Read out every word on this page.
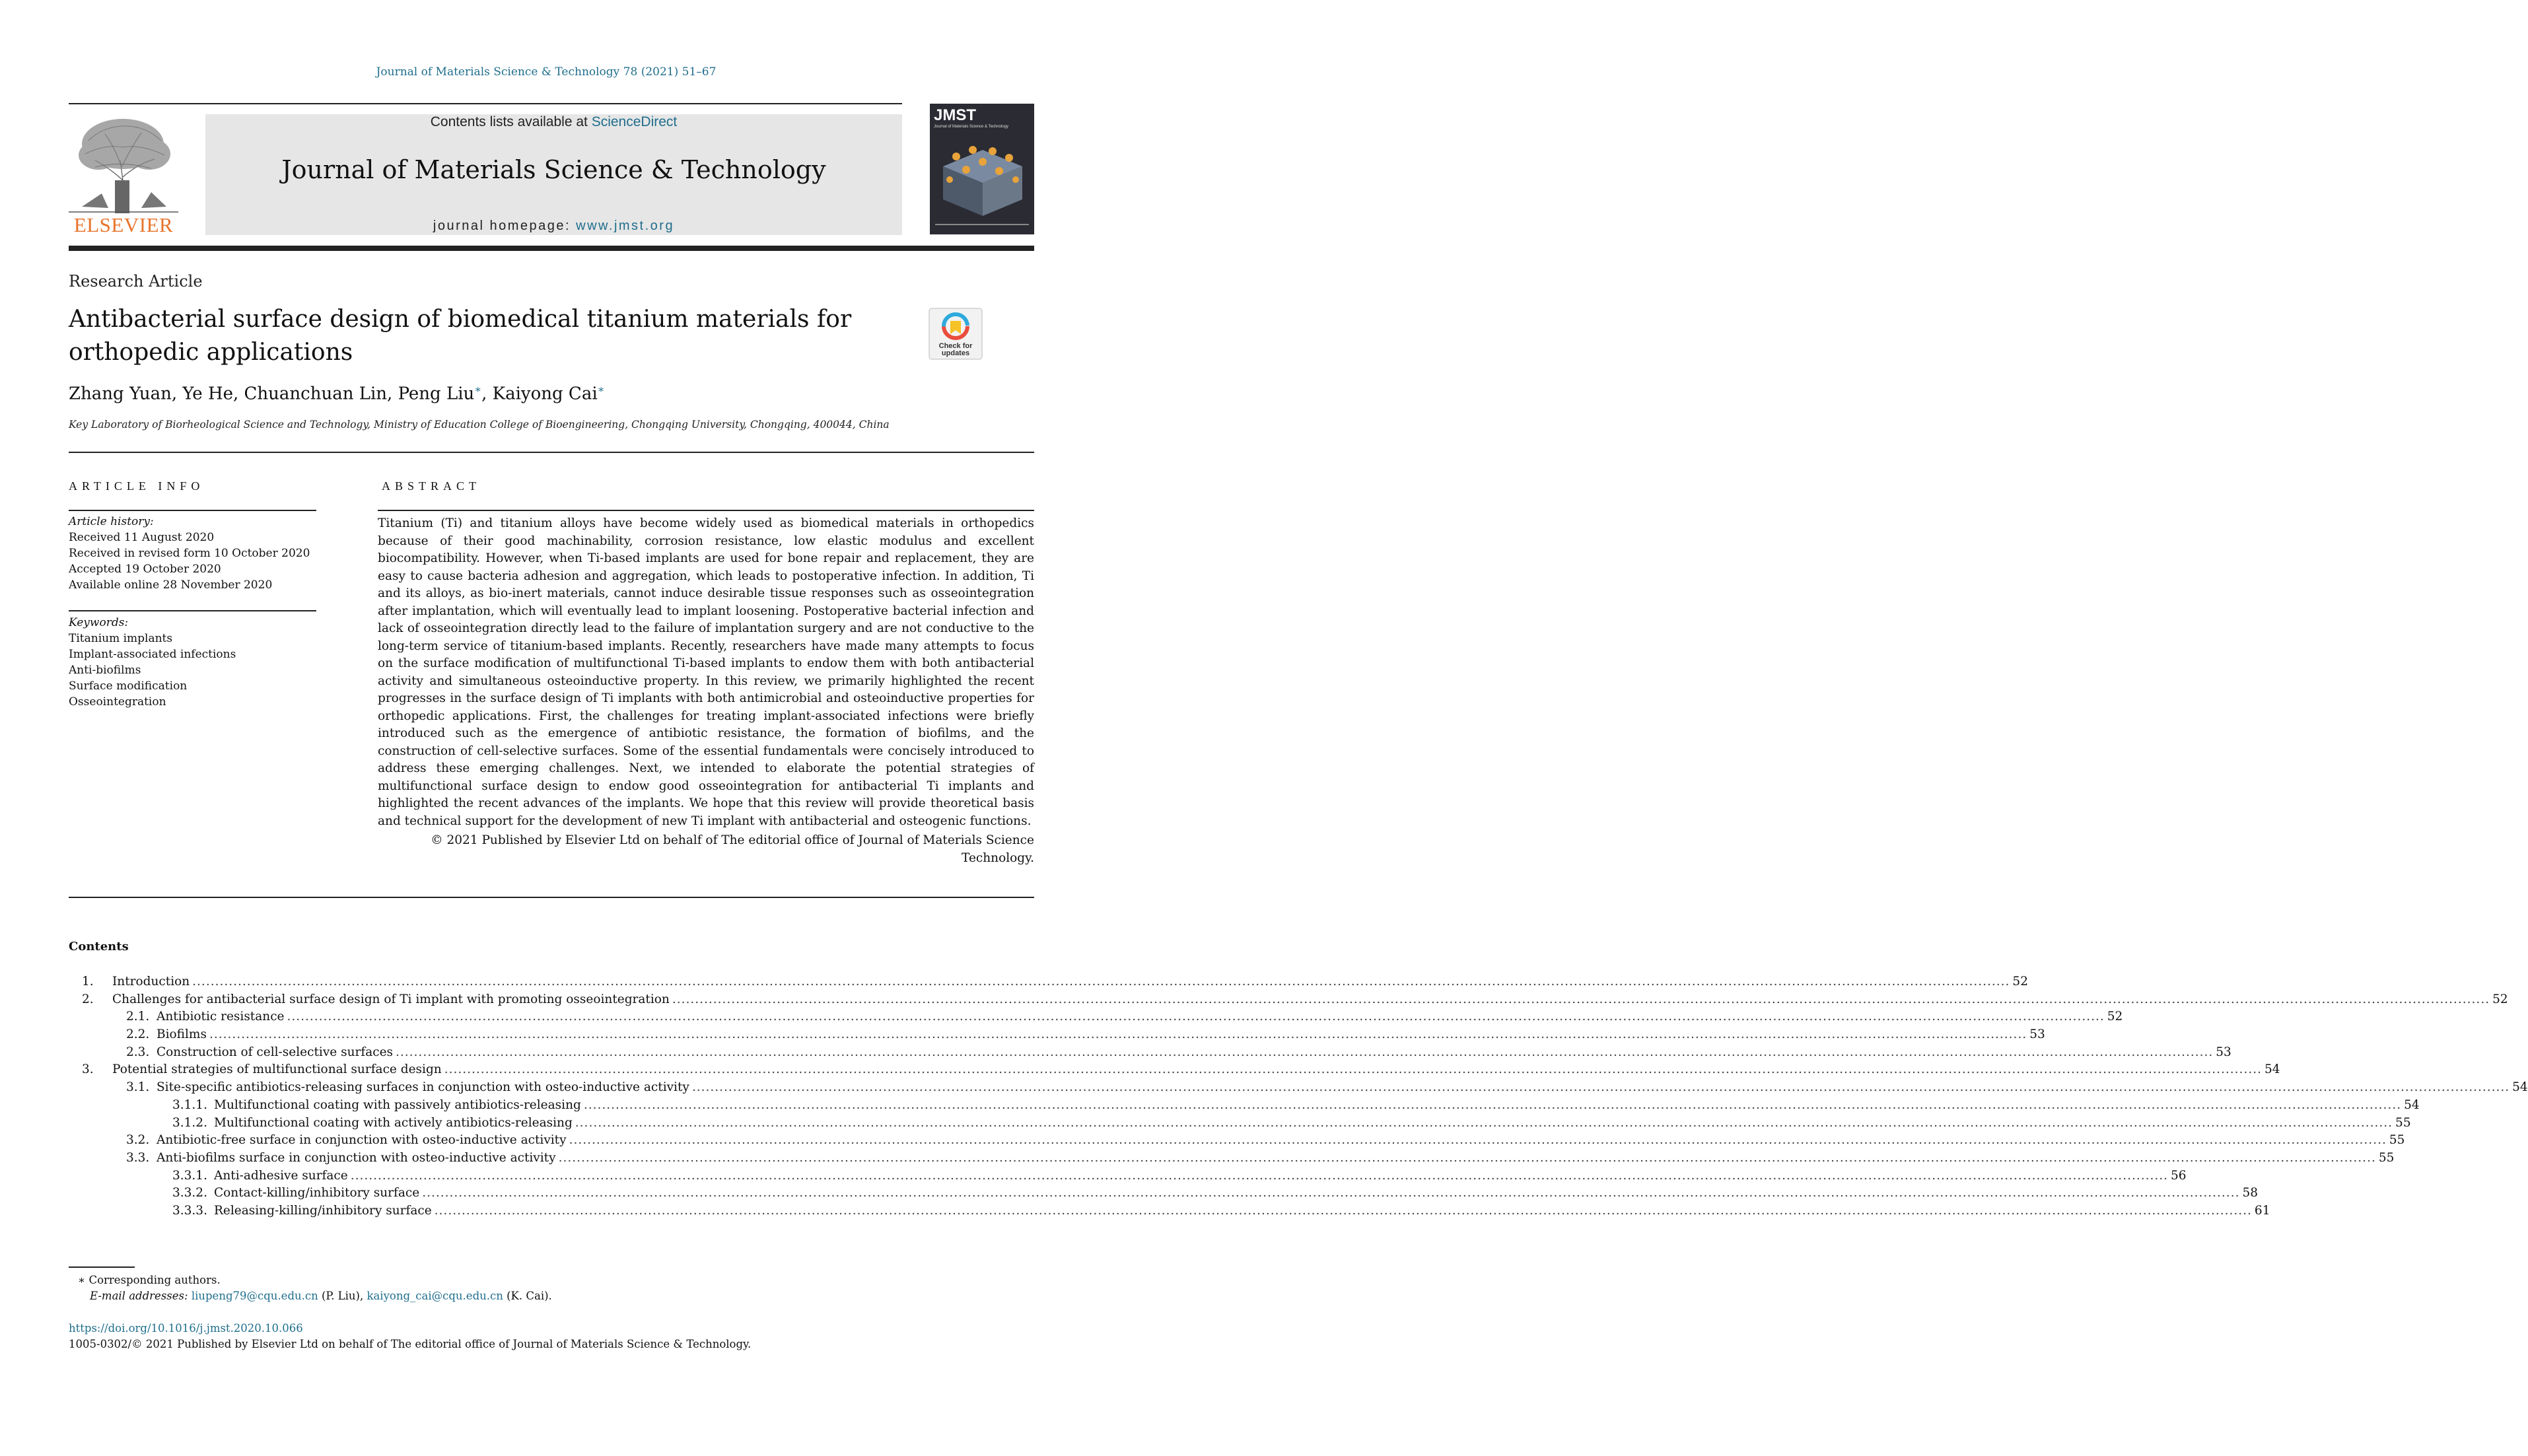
Journal of Materials Science & Technology 78 (2021) 51–67
ELSEVIER
Contents lists available at ScienceDirect
Journal of Materials Science & Technology
journal homepage: www.jmst.org
JMST
Journal of Materials Science & Technology
Research Article
Antibacterial surface design of biomedical titanium materials for
orthopedic applications	Check for
updates
Zhang Yuan, Ye He, Chuanchuan Lin, Peng Liu∗, Kaiyong Cai∗
Key Laboratory of Biorheological Science and Technology, Ministry of Education College of Bioengineering, Chongqing University, Chongqing, 400044, China
ARTICLE INFO
Article history:
Received 11 August 2020
Received in revised form 10 October 2020
Accepted 19 October 2020
Available online 28 November 2020
Keywords:
Titanium implants
Implant-associated infections
Anti-biofilms
Surface modification
Osseointegration
ABSTRACT
Titanium (Ti) and titanium alloys have become widely used as biomedical materials in orthopedics because of their good machinability, corrosion resistance, low elastic modulus and excellent biocompatibility. However, when Ti-based implants are used for bone repair and replacement, they are easy to cause bacteria adhesion and aggregation, which leads to postoperative infection. In addition, Ti and its alloys, as bio-inert materials, cannot induce desirable tissue responses such as osseointegration after implantation, which will eventually lead to implant loosening. Postoperative bacterial infection and lack of osseointegration directly lead to the failure of implantation surgery and are not conductive to the long-term service of titanium-based implants. Recently, researchers have made many attempts to focus on the surface modification of multifunctional Ti-based implants to endow them with both antibacterial activity and simultaneous osteoinductive property. In this review, we primarily highlighted the recent progresses in the surface design of Ti implants with both antimicrobial and osteoinductive properties for orthopedic applications. First, the challenges for treating implant-associated infections were briefly introduced such as the emergence of antibiotic resistance, the formation of biofilms, and the construction of cell-selective surfaces. Some of the essential fundamentals were concisely introduced to address these emerging challenges. Next, we intended to elaborate the potential strategies of multifunctional surface design to endow good osseointegration for antibacterial Ti implants and highlighted the recent advances of the implants. We hope that this review will provide theoretical basis and technical support for the development of new Ti implant with antibacterial and osteogenic functions.
© 2021 Published by Elsevier Ltd on behalf of The editorial office of Journal of Materials Science
Technology.
Contents
1.	Introduction ................................................................................................................................................................................................................................................................................................................................................................................................................ 52
2.	Challenges for antibacterial surface design of Ti implant with promoting osseointegration ................................................................................................................................................................................................................................................................................................................................................................................................................ 52
2.1. Antibiotic resistance ................................................................................................................................................................................................................................................................................................................................................................................................................ 52
2.2. Biofilms ................................................................................................................................................................................................................................................................................................................................................................................................................ 53
2.3. Construction of cell-selective surfaces ................................................................................................................................................................................................................................................................................................................................................................................................................ 53
3.	Potential strategies of multifunctional surface design ................................................................................................................................................................................................................................................................................................................................................................................................................ 54
3.1. Site-specific antibiotics-releasing surfaces in conjunction with osteo-inductive activity ................................................................................................................................................................................................................................................................................................................................................................................................................ 54
3.1.1. Multifunctional coating with passively antibiotics-releasing ................................................................................................................................................................................................................................................................................................................................................................................................................ 54
3.1.2. Multifunctional coating with actively antibiotics-releasing ................................................................................................................................................................................................................................................................................................................................................................................................................ 55
3.2. Antibiotic-free surface in conjunction with osteo-inductive activity ................................................................................................................................................................................................................................................................................................................................................................................................................ 55
3.3. Anti-biofilms surface in conjunction with osteo-inductive activity ................................................................................................................................................................................................................................................................................................................................................................................................................ 55
3.3.1. Anti-adhesive surface ................................................................................................................................................................................................................................................................................................................................................................................................................ 56
3.3.2. Contact-killing/inhibitory surface ................................................................................................................................................................................................................................................................................................................................................................................................................ 58
3.3.3. Releasing-killing/inhibitory surface ................................................................................................................................................................................................................................................................................................................................................................................................................ 61
∗ Corresponding authors.
E-mail addresses: liupeng79@cqu.edu.cn (P. Liu), kaiyong_cai@cqu.edu.cn (K. Cai).
https://doi.org/10.1016/j.jmst.2020.10.066
1005-0302/© 2021 Published by Elsevier Ltd on behalf of The editorial office of Journal of Materials Science & Technology.
